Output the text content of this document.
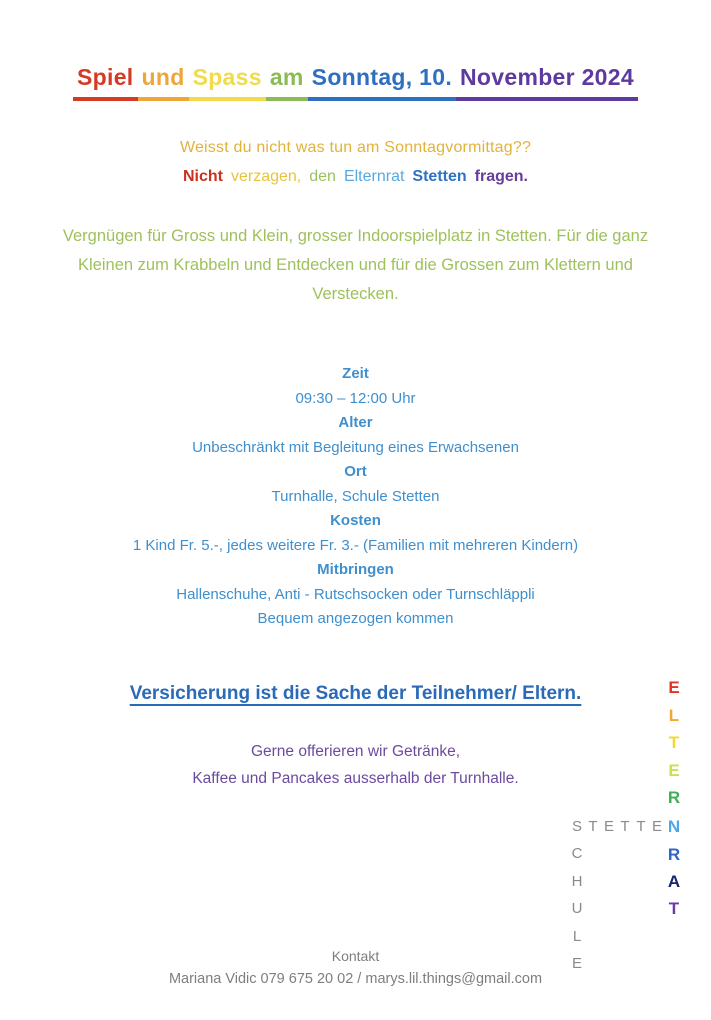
Spiel und Spass am Sonntag, 10. November 2024
Weisst du nicht was tun am Sonntagvormittag??
Nicht verzagen, den Elternrat Stetten fragen.
Vergnügen für Gross und Klein, grosser Indoorspielplatz in Stetten. Für die ganz
Kleinen zum Krabbeln und Entdecken und für die Grossen zum Klettern und
Verstecken.
Zeit
09:30 – 12:00 Uhr
Alter
Unbeschränkt mit Begleitung eines Erwachsenen
Ort
Turnhalle, Schule Stetten
Kosten
1 Kind Fr. 5.-, jedes weitere Fr. 3.- (Familien mit mehreren Kindern)
Mitbringen
Hallenschuhe, Anti - Rutschsocken oder Turnschläppli
Bequem angezogen kommen
Versicherung ist die Sache der Teilnehmer/ Eltern.
Gerne offerieren wir Getränke,
Kaffee und Pancakes ausserhalb der Turnhalle.
E
L
T
E
R
N
R
A
T
S T E T T E
C
H
U
L
E
Kontakt
Mariana Vidic 079 675 20 02 / marys.lil.things@gmail.com
